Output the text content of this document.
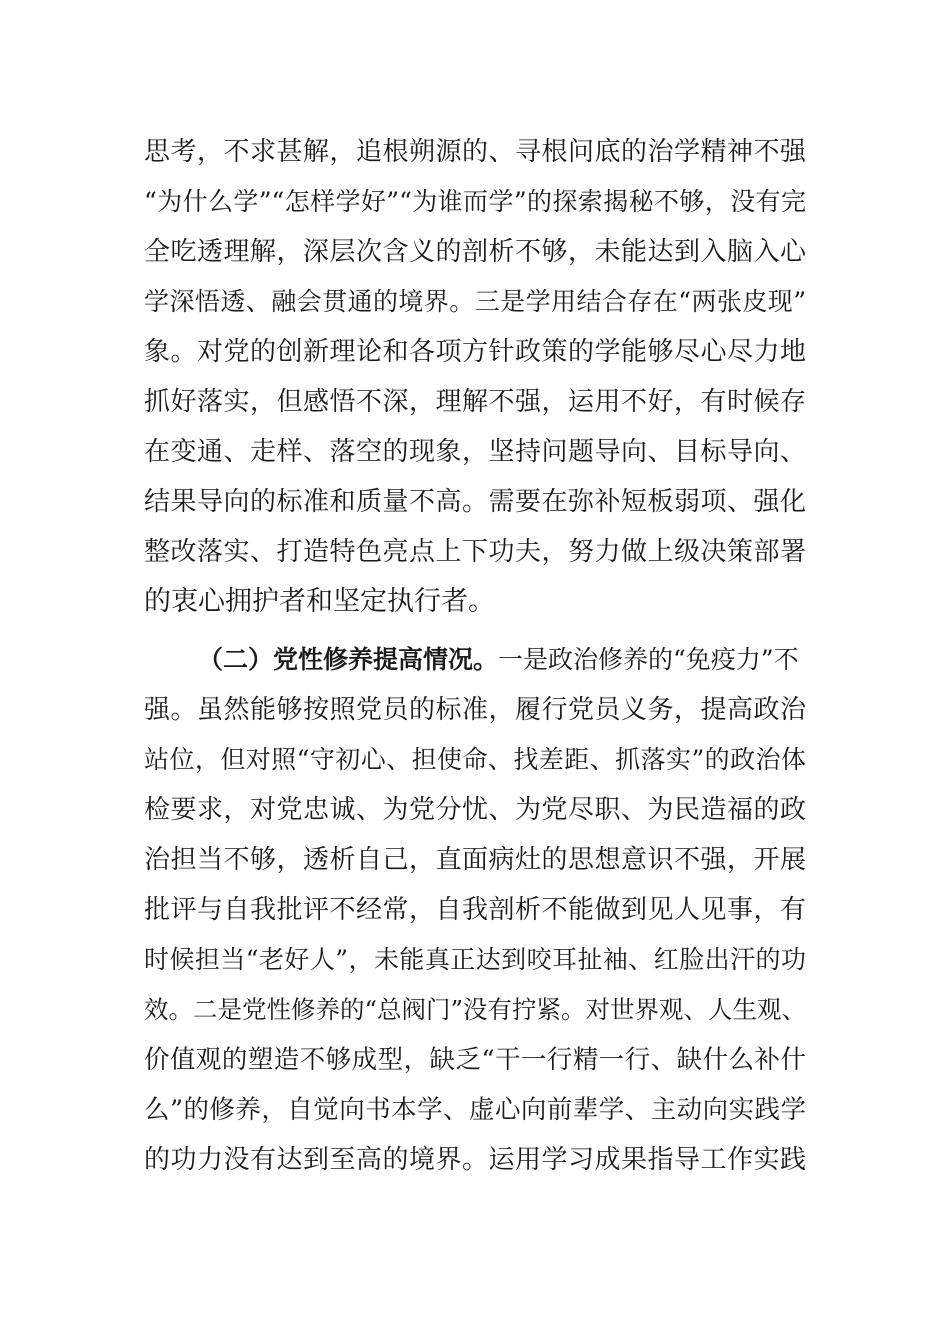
思考，不求甚解，追根朔源的、寻根问底的治学精神不强
“为什么学”“怎样学好”“为谁而学”的探索揭秘不够，没有完
全吃透理解，深层次含义的剖析不够，未能达到入脑入心
学深悟透、融会贯通的境界。三是学用结合存在“两张皮现”
象。对党的创新理论和各项方针政策的学能够尽心尽力地
抓好落实，但感悟不深，理解不强，运用不好，有时候存
在变通、走样、落空的现象，坚持问题导向、目标导向、
结果导向的标准和质量不高。需要在弥补短板弱项、强化
整改落实、打造特色亮点上下功夫，努力做上级决策部署
的衷心拥护者和坚定执行者。
（二）党性修养提高情况。一是政治修养的“免疫力”不
强。虽然能够按照党员的标准，履行党员义务，提高政治
站位，但对照“守初心、担使命、找差距、抓落实”的政治体
检要求，对党忠诚、为党分忧、为党尽职、为民造福的政
治担当不够，透析自己，直面病灶的思想意识不强，开展
批评与自我批评不经常，自我剖析不能做到见人见事，有
时候担当“老好人”，未能真正达到咬耳扯袖、红脸出汗的功
效。二是党性修养的“总阀门”没有拧紧。对世界观、人生观、
价值观的塑造不够成型，缺乏“干一行精一行、缺什么补什
么”的修养，自觉向书本学、虚心向前辈学、主动向实践学
的功力没有达到至高的境界。运用学习成果指导工作实践
